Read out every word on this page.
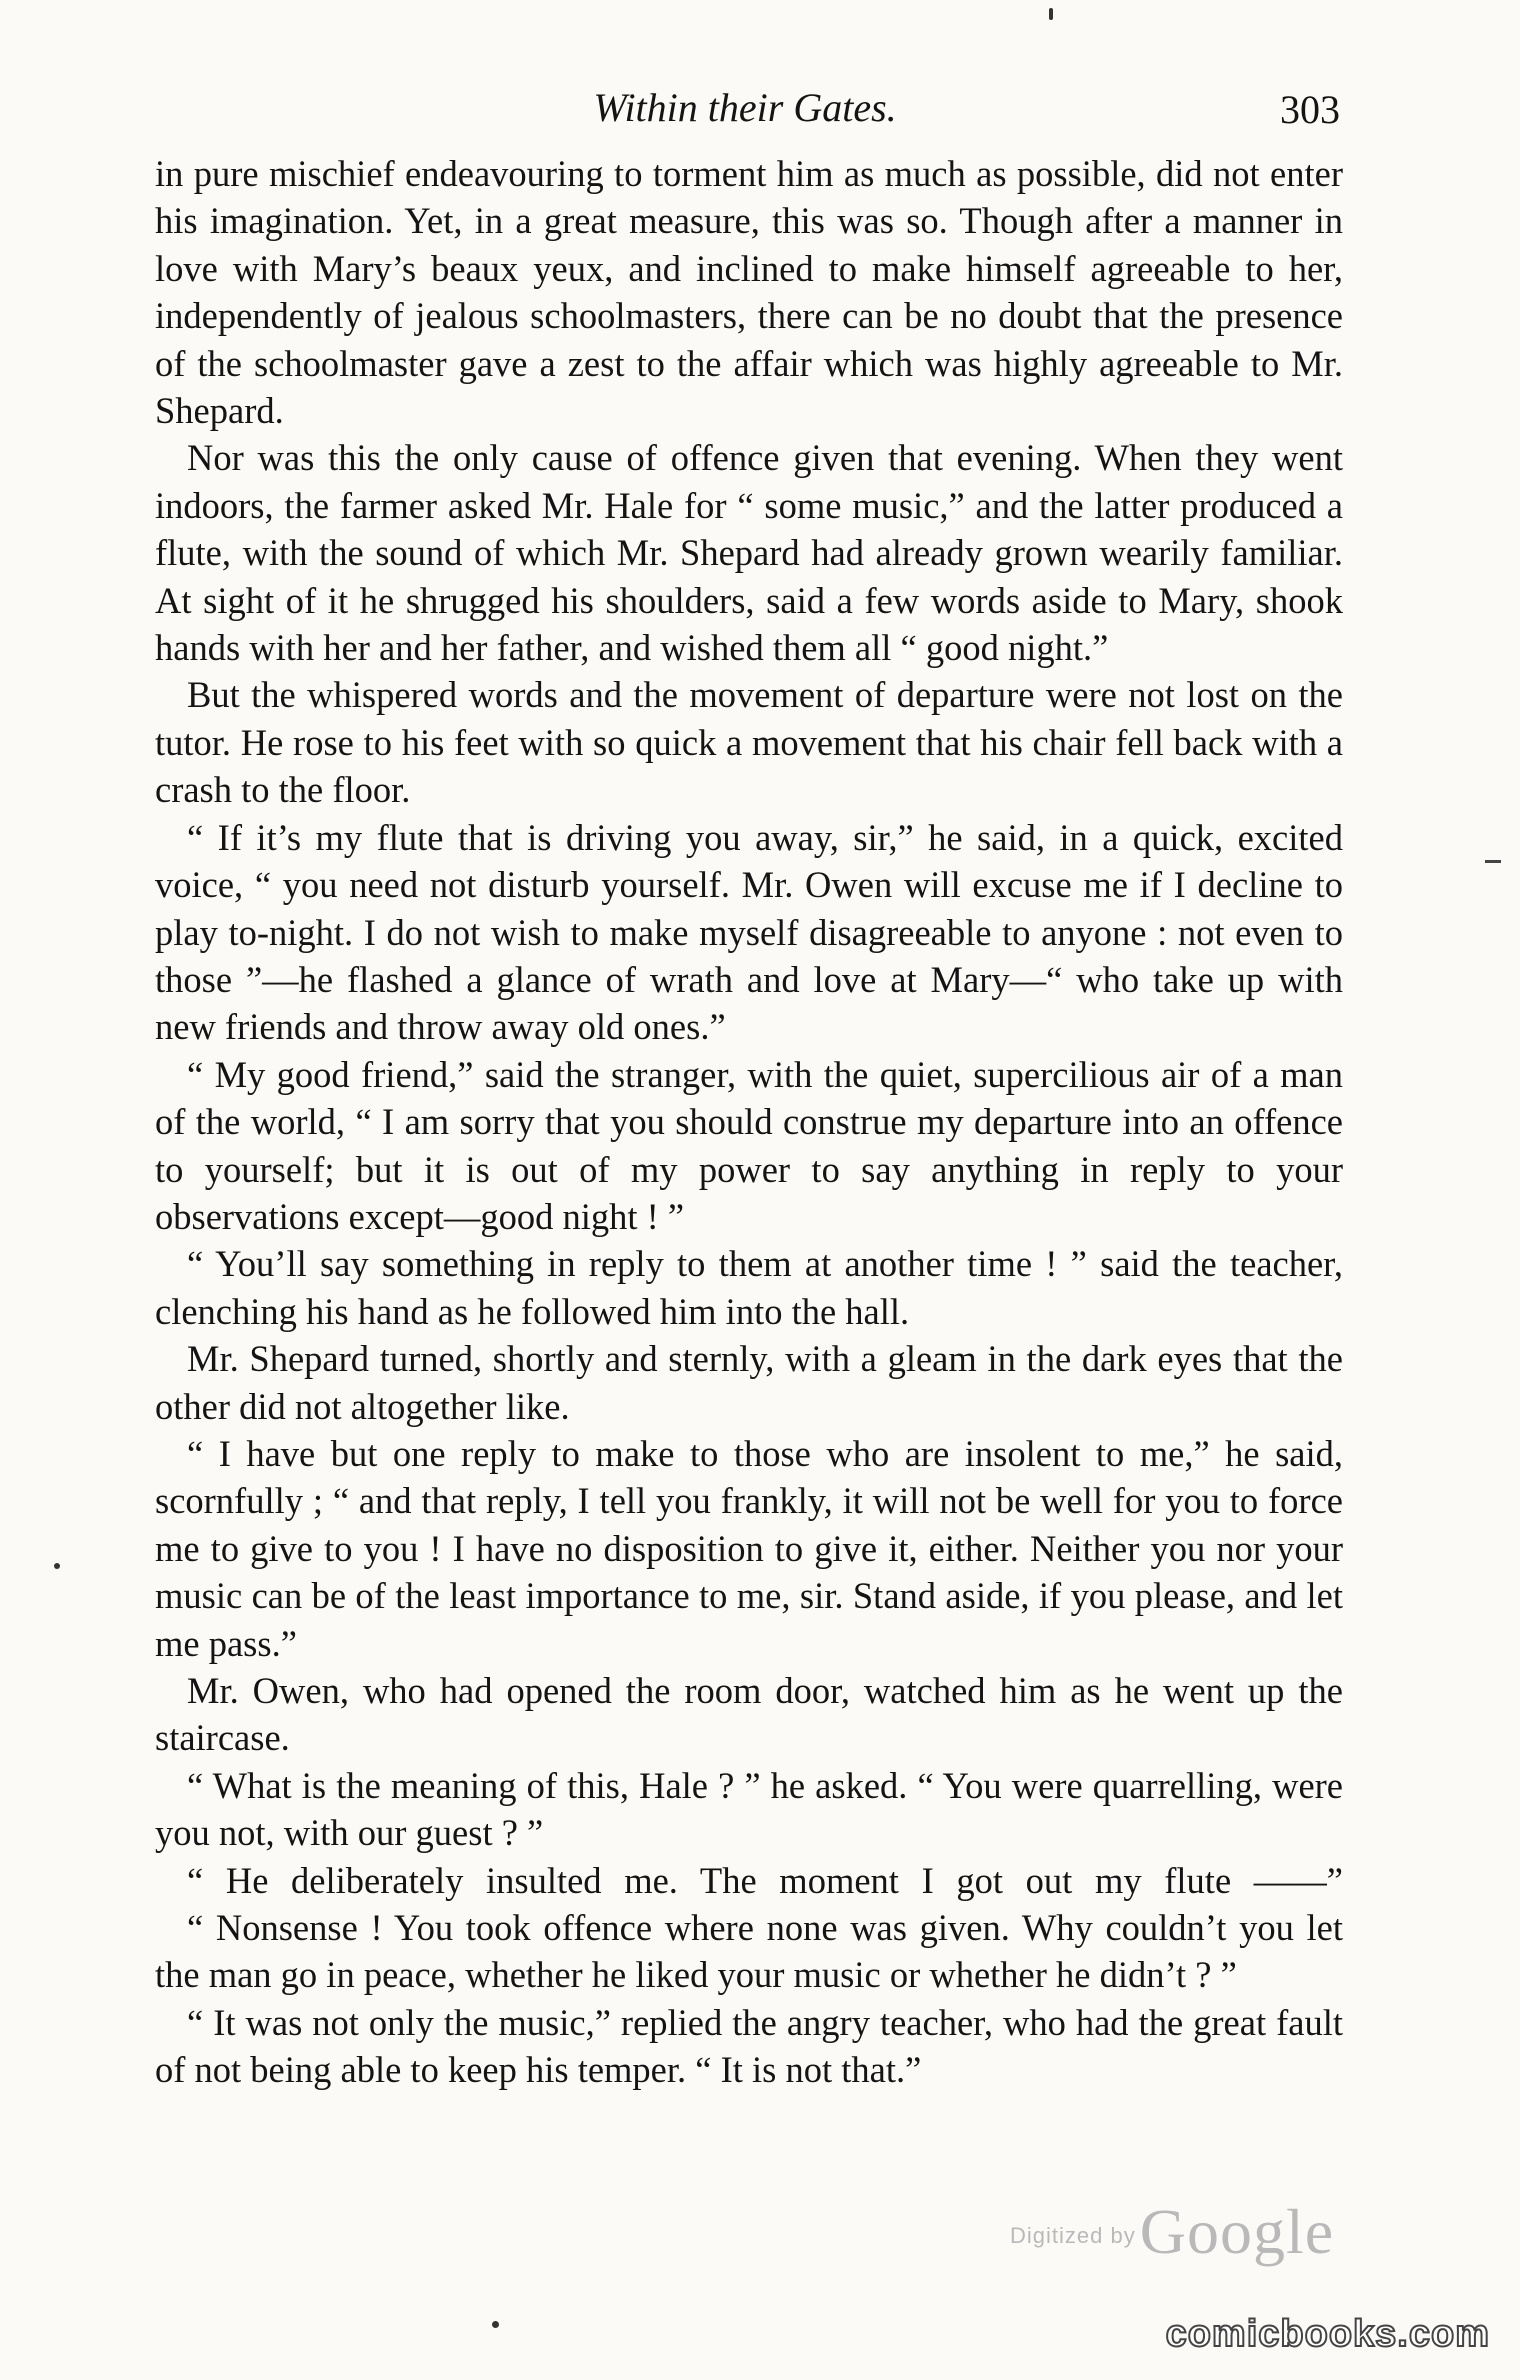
Within their Gates.	303

in pure mischief endeavouring to torment him as much as possible, did not enter his imagination. Yet, in a great measure, this was so. Though after a manner in love with Mary’s beaux yeux, and inclined to make himself agreeable to her, independently of jealous schoolmasters, there can be no doubt that the presence of the schoolmaster gave a zest to the affair which was highly agreeable to Mr. Shepard.

Nor was this the only cause of offence given that evening. When they went indoors, the farmer asked Mr. Hale for “ some music,” and the latter produced a flute, with the sound of which Mr. Shepard had already grown wearily familiar. At sight of it he shrugged his shoulders, said a few words aside to Mary, shook hands with her and her father, and wished them all “ good night.”

But the whispered words and the movement of departure were not lost on the tutor. He rose to his feet with so quick a movement that his chair fell back with a crash to the floor.

“ If it’s my flute that is driving you away, sir,” he said, in a quick, excited voice, “ you need not disturb yourself. Mr. Owen will excuse me if I decline to play to-night. I do not wish to make myself disagreeable to anyone : not even to those ”—he flashed a glance of wrath and love at Mary—“ who take up with new friends and throw away old ones.”

“ My good friend,” said the stranger, with the quiet, supercilious air of a man of the world, “ I am sorry that you should construe my departure into an offence to yourself; but it is out of my power to say anything in reply to your observations except—good night ! ”

“ You’ll say something in reply to them at another time ! ” said the teacher, clenching his hand as he followed him into the hall.

Mr. Shepard turned, shortly and sternly, with a gleam in the dark eyes that the other did not altogether like.

“ I have but one reply to make to those who are insolent to me,” he said, scornfully ; “ and that reply, I tell you frankly, it will not be well for you to force me to give to you ! I have no disposition to give it, either. Neither you nor your music can be of the least importance to me, sir. Stand aside, if you please, and let me pass.”

Mr. Owen, who had opened the room door, watched him as he went up the staircase.

“ What is the meaning of this, Hale ? ” he asked. “ You were quarrelling, were you not, with our guest ? ”

“ He deliberately insulted me. The moment I got out my flute ——”

“ Nonsense ! You took offence where none was given. Why couldn’t you let the man go in peace, whether he liked your music or whether he didn’t ? ”

“ It was not only the music,” replied the angry teacher, who had the great fault of not being able to keep his temper. “ It is not that.”

Digitized by Google
comicbooks.com
